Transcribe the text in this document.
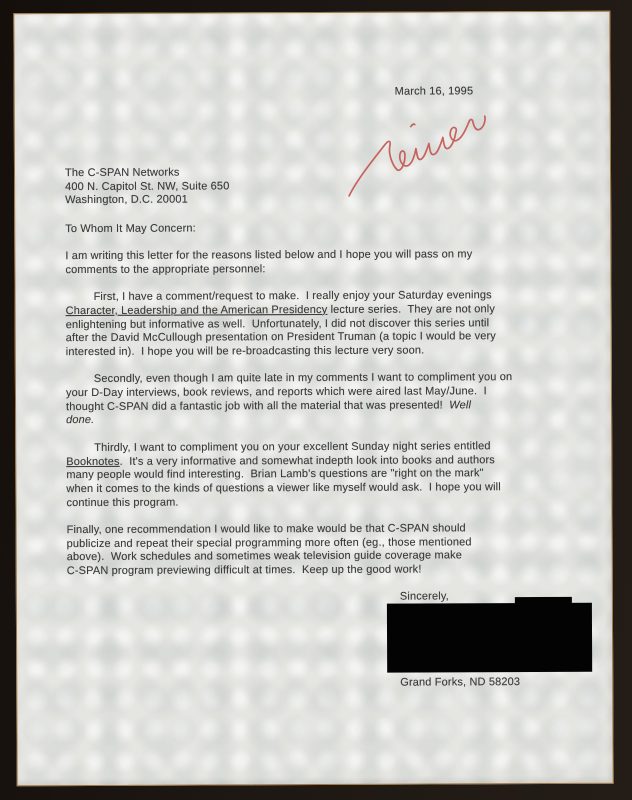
March 16, 1995
The C-SPAN Networks
400 N. Capitol St. NW, Suite 650
Washington, D.C. 20001
To Whom It May Concern:
I am writing this letter for the reasons listed below and I hope you will pass on my
comments to the appropriate personnel:
First, I have a comment/request to make.  I really enjoy your Saturday evenings
Character, Leadership and the American Presidency lecture series.  They are not only
enlightening but informative as well.  Unfortunately, I did not discover this series until
after the David McCullough presentation on President Truman (a topic I would be very
interested in).  I hope you will be re-broadcasting this lecture very soon.
Secondly, even though I am quite late in my comments I want to compliment you on
your D-Day interviews, book reviews, and reports which were aired last May/June.  I
thought C-SPAN did a fantastic job with all the material that was presented!  Well
done.
Thirdly, I want to compliment you on your excellent Sunday night series entitled
Booknotes.  It's a very informative and somewhat indepth look into books and authors
many people would find interesting.  Brian Lamb's questions are "right on the mark"
when it comes to the kinds of questions a viewer like myself would ask.  I hope you will
continue this program.
Finally, one recommendation I would like to make would be that C-SPAN should
publicize and repeat their special programming more often (eg., those mentioned
above).  Work schedules and sometimes weak television guide coverage make
C-SPAN program previewing difficult at times.  Keep up the good work!
Sincerely,
Grand Forks, ND 58203
